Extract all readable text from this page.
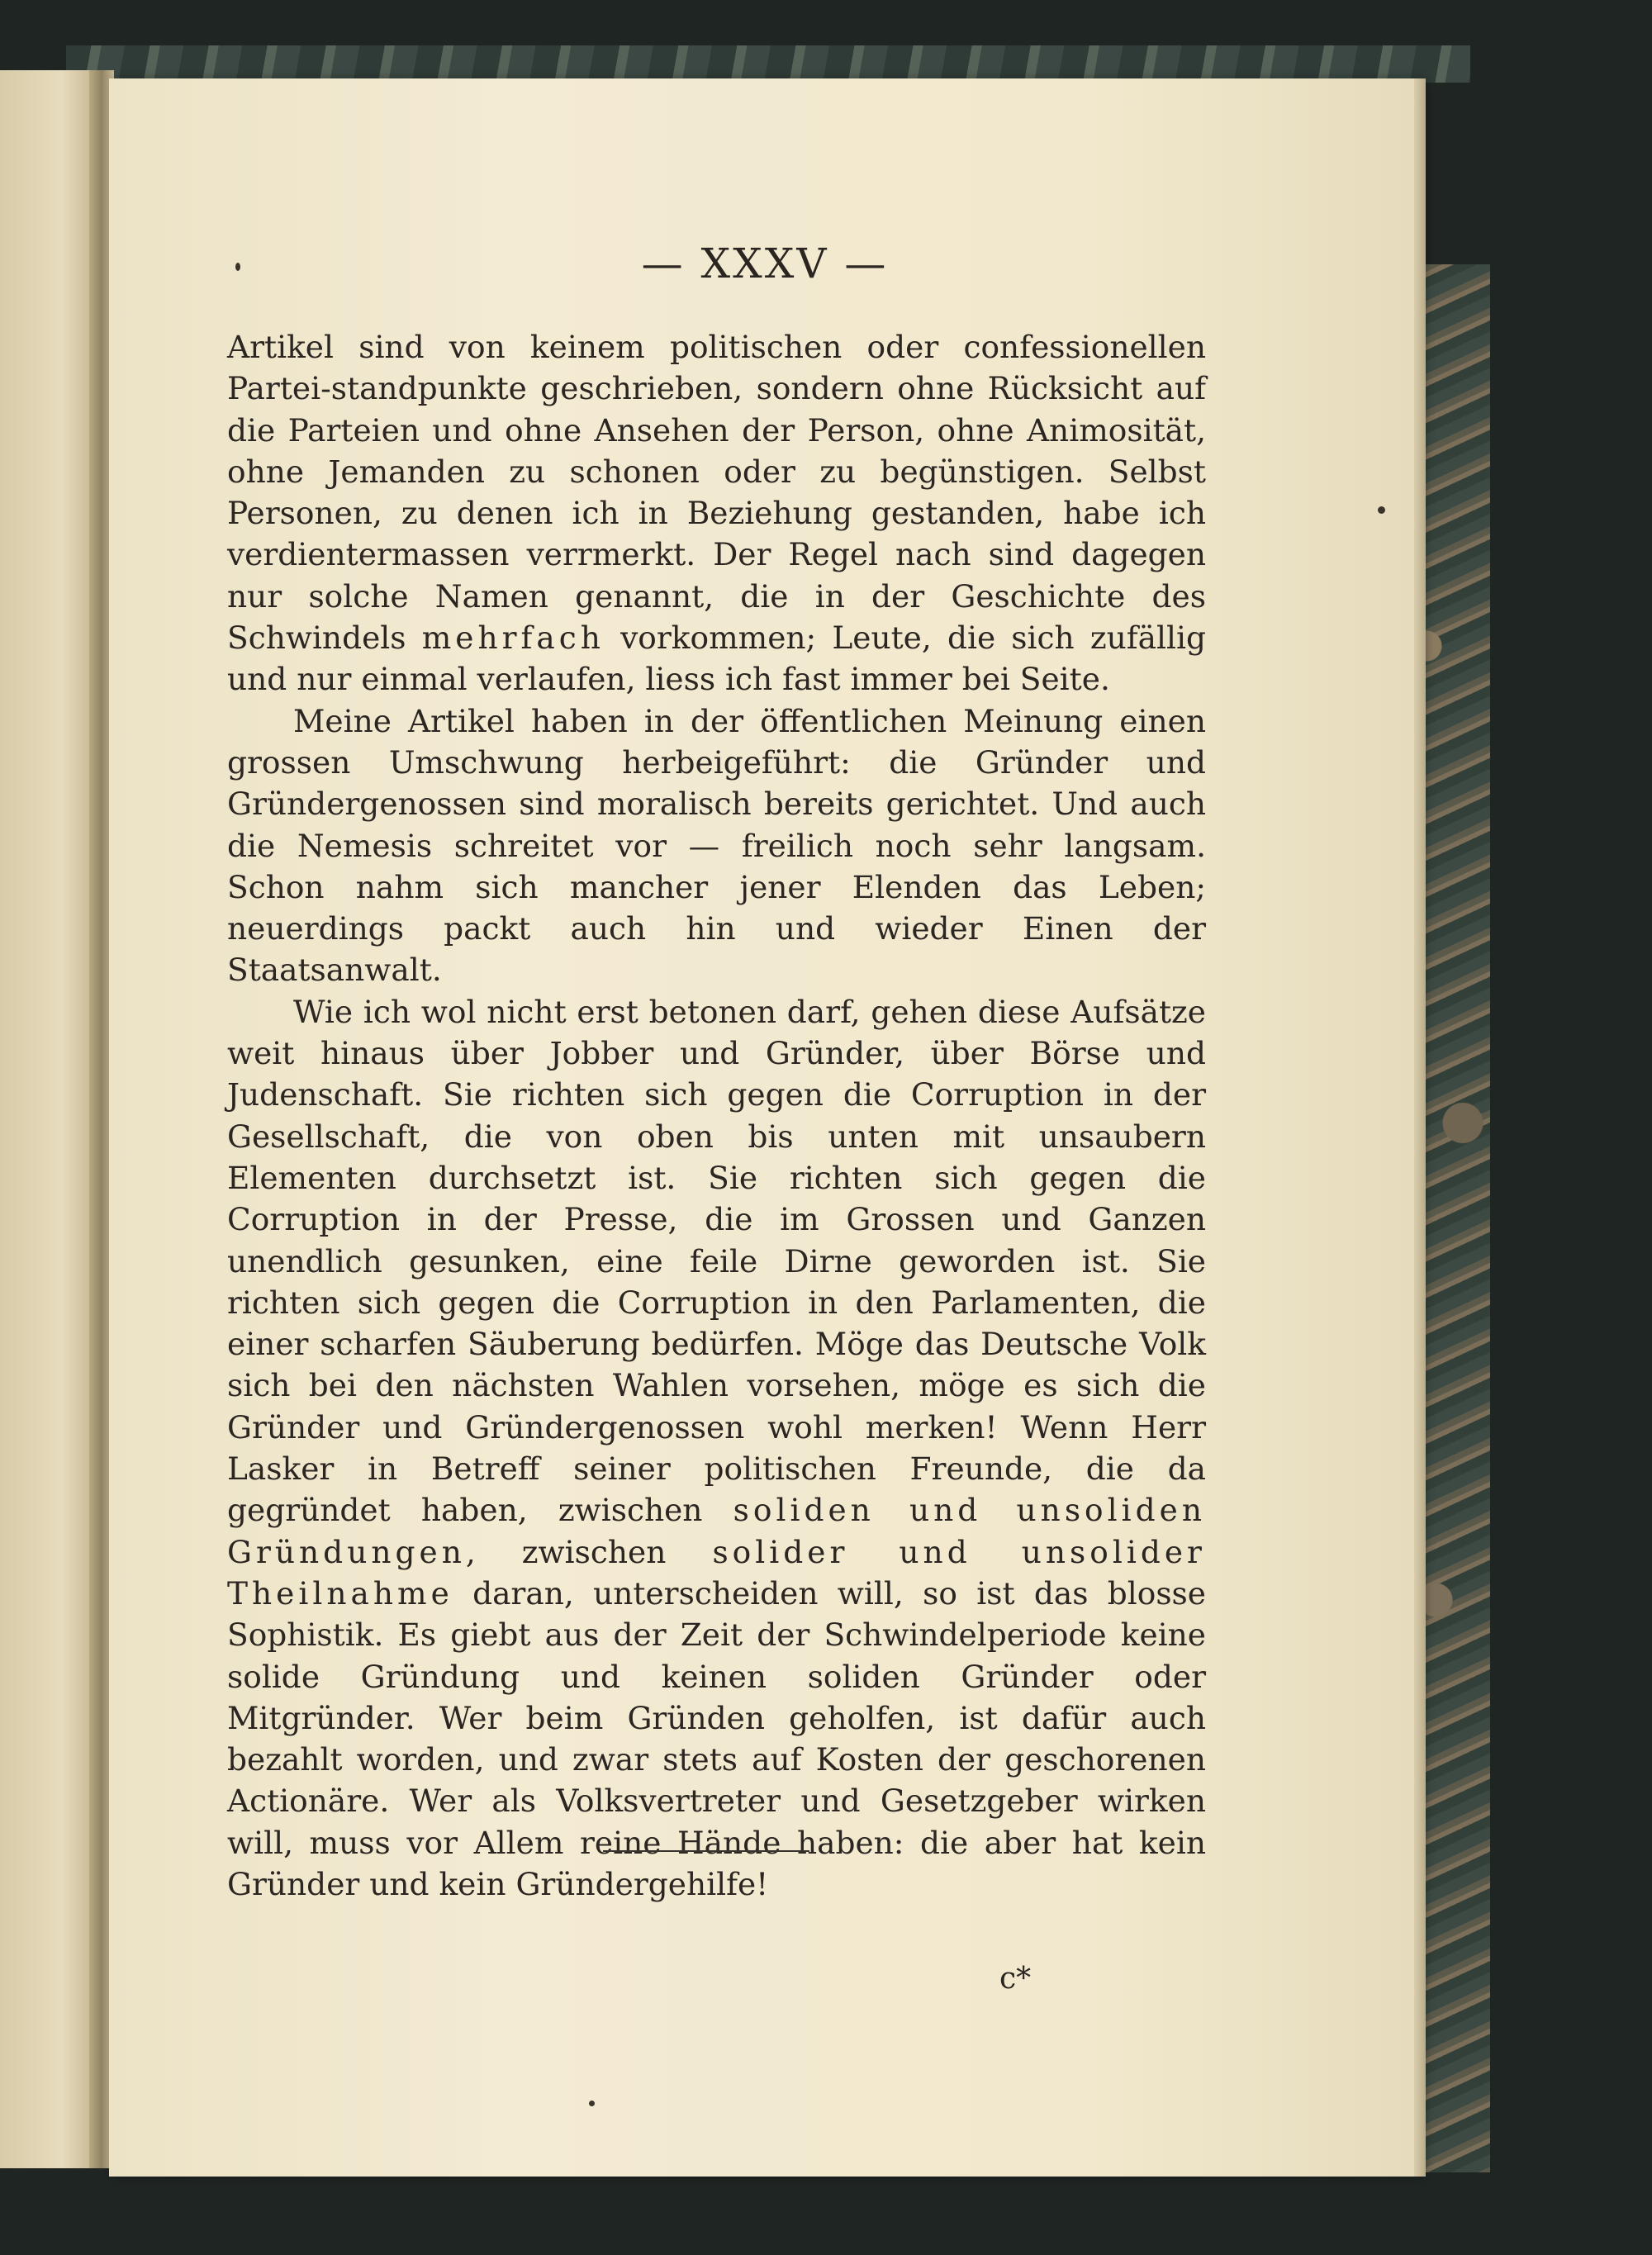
— XXXV —

Artikel sind von keinem politischen oder confessionellen Partei-standpunkte geschrieben, sondern ohne Rücksicht auf die Parteien und ohne Ansehen der Person, ohne Animosität, ohne Jemanden zu schonen oder zu begünstigen. Selbst Personen, zu denen ich in Beziehung gestanden, habe ich verdientermassen verrmerkt. Der Regel nach sind dagegen nur solche Namen genannt, die in der Geschichte des Schwindels mehrfach vorkommen; Leute, die sich zufällig und nur einmal verlaufen, liess ich fast immer bei Seite.

Meine Artikel haben in der öffentlichen Meinung einen grossen Umschwung herbeigeführt: die Gründer und Gründergenossen sind moralisch bereits gerichtet. Und auch die Nemesis schreitet vor — freilich noch sehr langsam. Schon nahm sich mancher jener Elenden das Leben; neuerdings packt auch hin und wieder Einen der Staatsanwalt.

Wie ich wol nicht erst betonen darf, gehen diese Aufsätze weit hinaus über Jobber und Gründer, über Börse und Judenschaft. Sie richten sich gegen die Corruption in der Gesellschaft, die von oben bis unten mit unsaubern Elementen durchsetzt ist. Sie richten sich gegen die Corruption in der Presse, die im Grossen und Ganzen unendlich gesunken, eine feile Dirne geworden ist. Sie richten sich gegen die Corruption in den Parlamenten, die einer scharfen Säuberung bedürfen. Möge das Deutsche Volk sich bei den nächsten Wahlen vorsehen, möge es sich die Gründer und Gründergenossen wohl merken! Wenn Herr Lasker in Betreff seiner politischen Freunde, die da gegründet haben, zwischen soliden und unsoliden Gründungen, zwischen solider und unsolider Theilnahme daran, unterscheiden will, so ist das blosse Sophistik. Es giebt aus der Zeit der Schwindelperiode keine solide Gründung und keinen soliden Gründer oder Mitgründer. Wer beim Gründen geholfen, ist dafür auch bezahlt worden, und zwar stets auf Kosten der geschorenen Actionäre. Wer als Volksvertreter und Gesetzgeber wirken will, muss vor Allem reine Hände haben: die aber hat kein Gründer und kein Gründergehilfe!

c*
